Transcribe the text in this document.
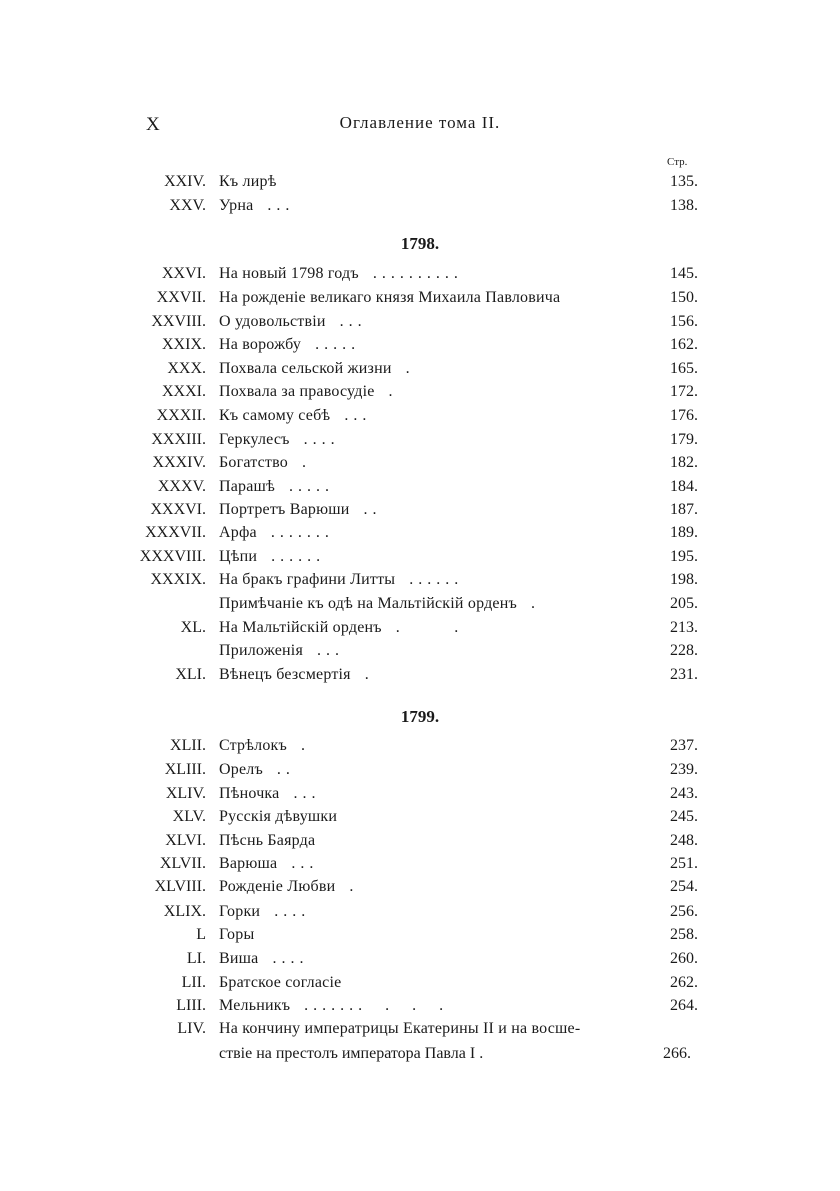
X	Оглавление тома II.
Стр.
XXIV. Къ лирѣ	135.
XXV. Урна	138.
. . .
1798.
XXVI. На новый 1798 годъ	145.
. . . . . . . . . .
XXVII. На рожденіе великаго князя Михаила Павловича	150.
XXVIII. О удовольствіи	156.
. . .
XXIX. На ворожбу	162.
. . . . .
XXX. Похвала сельской жизни	165.
.
XXXI. Похвала за правосудіе	172.
.
XXXII. Къ самому себѣ	176.
. . .
XXXIII. Геркулесъ	179.
. . . .
XXXIV. Богатство	182.
.
XXXV. Парашѣ	184.
. . . . .
XXXVI. Портретъ Варюши	187.
. .
XXXVII. Арфа	189.
. . . . . . .
XXXVIII. Цѣпи	195.
. . . . . .
XXXIX. На бракъ графини Литты	198.
. . . . . .
Примѣчаніе къ одѣ на Мальтійскій орденъ	205.
.
XL. На Мальтійскій орденъ	213.
.            .
Приложенія	228.
. . .
XLI. Вѣнецъ безсмертія	231.
.
1799.
XLII. Стрѣлокъ	237.
.
XLIII. Орелъ	239.
. .
XLIV. Пѣночка	243.
. . .
XLV. Русскія дѣвушки	245.
XLVI. Пѣснь Баярда	248.
XLVII. Варюша	251.
. . .
XLVIII. Рожденіе Любви	254.
.
XLIX. Горки	256.
. . . .
L Горы	258.
LI. Вишa	260.
. . . .
LII. Братское согласіе	262.
LIII. Мельникъ	264.
. . . . . . .     .     .     .
LIV. На кончину императрицы Екатерины II и на восше-
ствіе на престолъ императора Павла I .	266.
